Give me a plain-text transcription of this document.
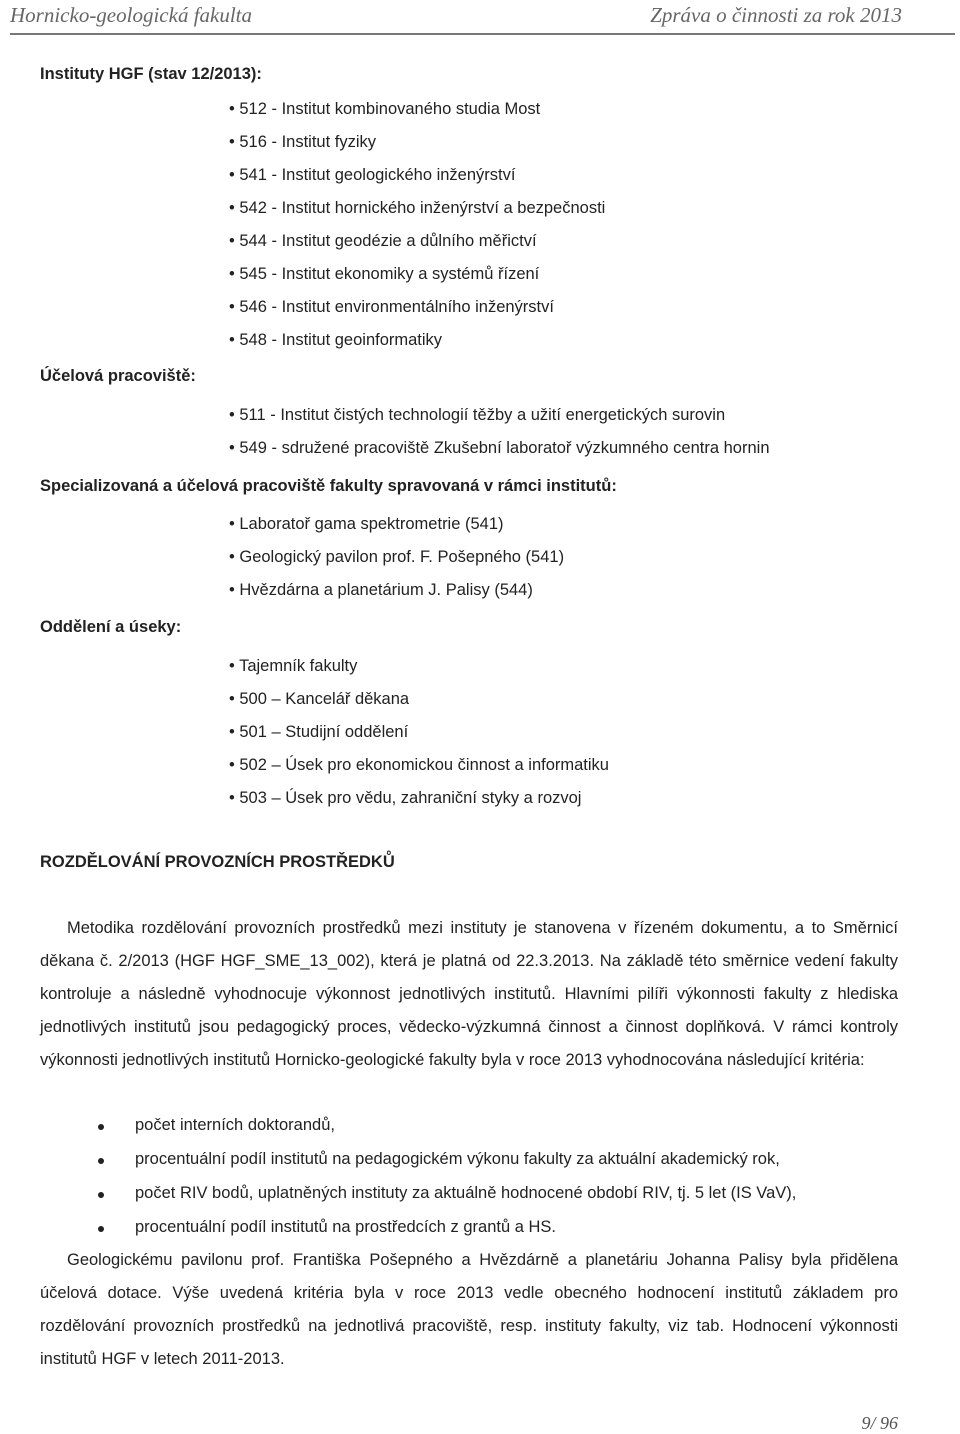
Hornicko-geologická fakulta	Zpráva o činnosti za rok 2013
Instituty HGF (stav 12/2013):
• 512 - Institut kombinovaného studia Most
• 516 - Institut fyziky
• 541 - Institut geologického inženýrství
• 542 - Institut hornického inženýrství a bezpečnosti
• 544 - Institut geodézie a důlního měřictví
• 545 - Institut ekonomiky a systémů řízení
• 546 - Institut environmentálního inženýrství
• 548 - Institut geoinformatiky
Účelová pracoviště:
• 511 - Institut čistých technologií těžby a užití energetických surovin
• 549 - sdružené pracoviště Zkušební laboratoř výzkumného centra hornin
Specializovaná a účelová pracoviště fakulty spravovaná v rámci institutů:
• Laboratoř gama spektrometrie (541)
• Geologický pavilon prof. F. Pošepného (541)
• Hvězdárna a planetárium J. Palisy (544)
Oddělení a úseky:
• Tajemník fakulty
• 500 – Kancelář děkana
• 501 – Studijní oddělení
• 502 – Úsek pro ekonomickou činnost a informatiku
• 503 – Úsek pro vědu, zahraniční styky a rozvoj
ROZDĚLOVÁNÍ PROVOZNÍCH PROSTŘEDKŮ

Metodika rozdělování provozních prostředků mezi instituty je stanovena v řízeném dokumentu, a to Směrnicí děkana č. 2/2013 (HGF HGF_SME_13_002), která je platná od 22.3.2013. Na základě této směrnice vedení fakulty kontroluje a následně vyhodnocuje výkonnost jednotlivých institutů. Hlavními pilíři výkonnosti fakulty z hlediska jednotlivých institutů jsou pedagogický proces, vědecko-výzkumná činnost a činnost doplňková. V rámci kontroly výkonnosti jednotlivých institutů Hornicko-geologické fakulty byla v roce 2013 vyhodnocována následující kritéria:

počet interních doktorandů,
procentuální podíl institutů na pedagogickém výkonu fakulty za aktuální akademický rok,
počet RIV bodů, uplatněných instituty za aktuálně hodnocené období RIV, tj. 5 let (IS VaV),
procentuální podíl institutů na prostředcích z grantů a HS.

Geologickému pavilonu prof. Františka Pošepného a Hvězdárně a planetáriu Johanna Palisy byla přidělena účelová dotace. Výše uvedená kritéria byla v roce 2013 vedle obecného hodnocení institutů základem pro rozdělování provozních prostředků na jednotlivá pracoviště, resp. instituty fakulty, viz tab. Hodnocení výkonnosti institutů HGF v letech 2011-2013.

9/ 96
